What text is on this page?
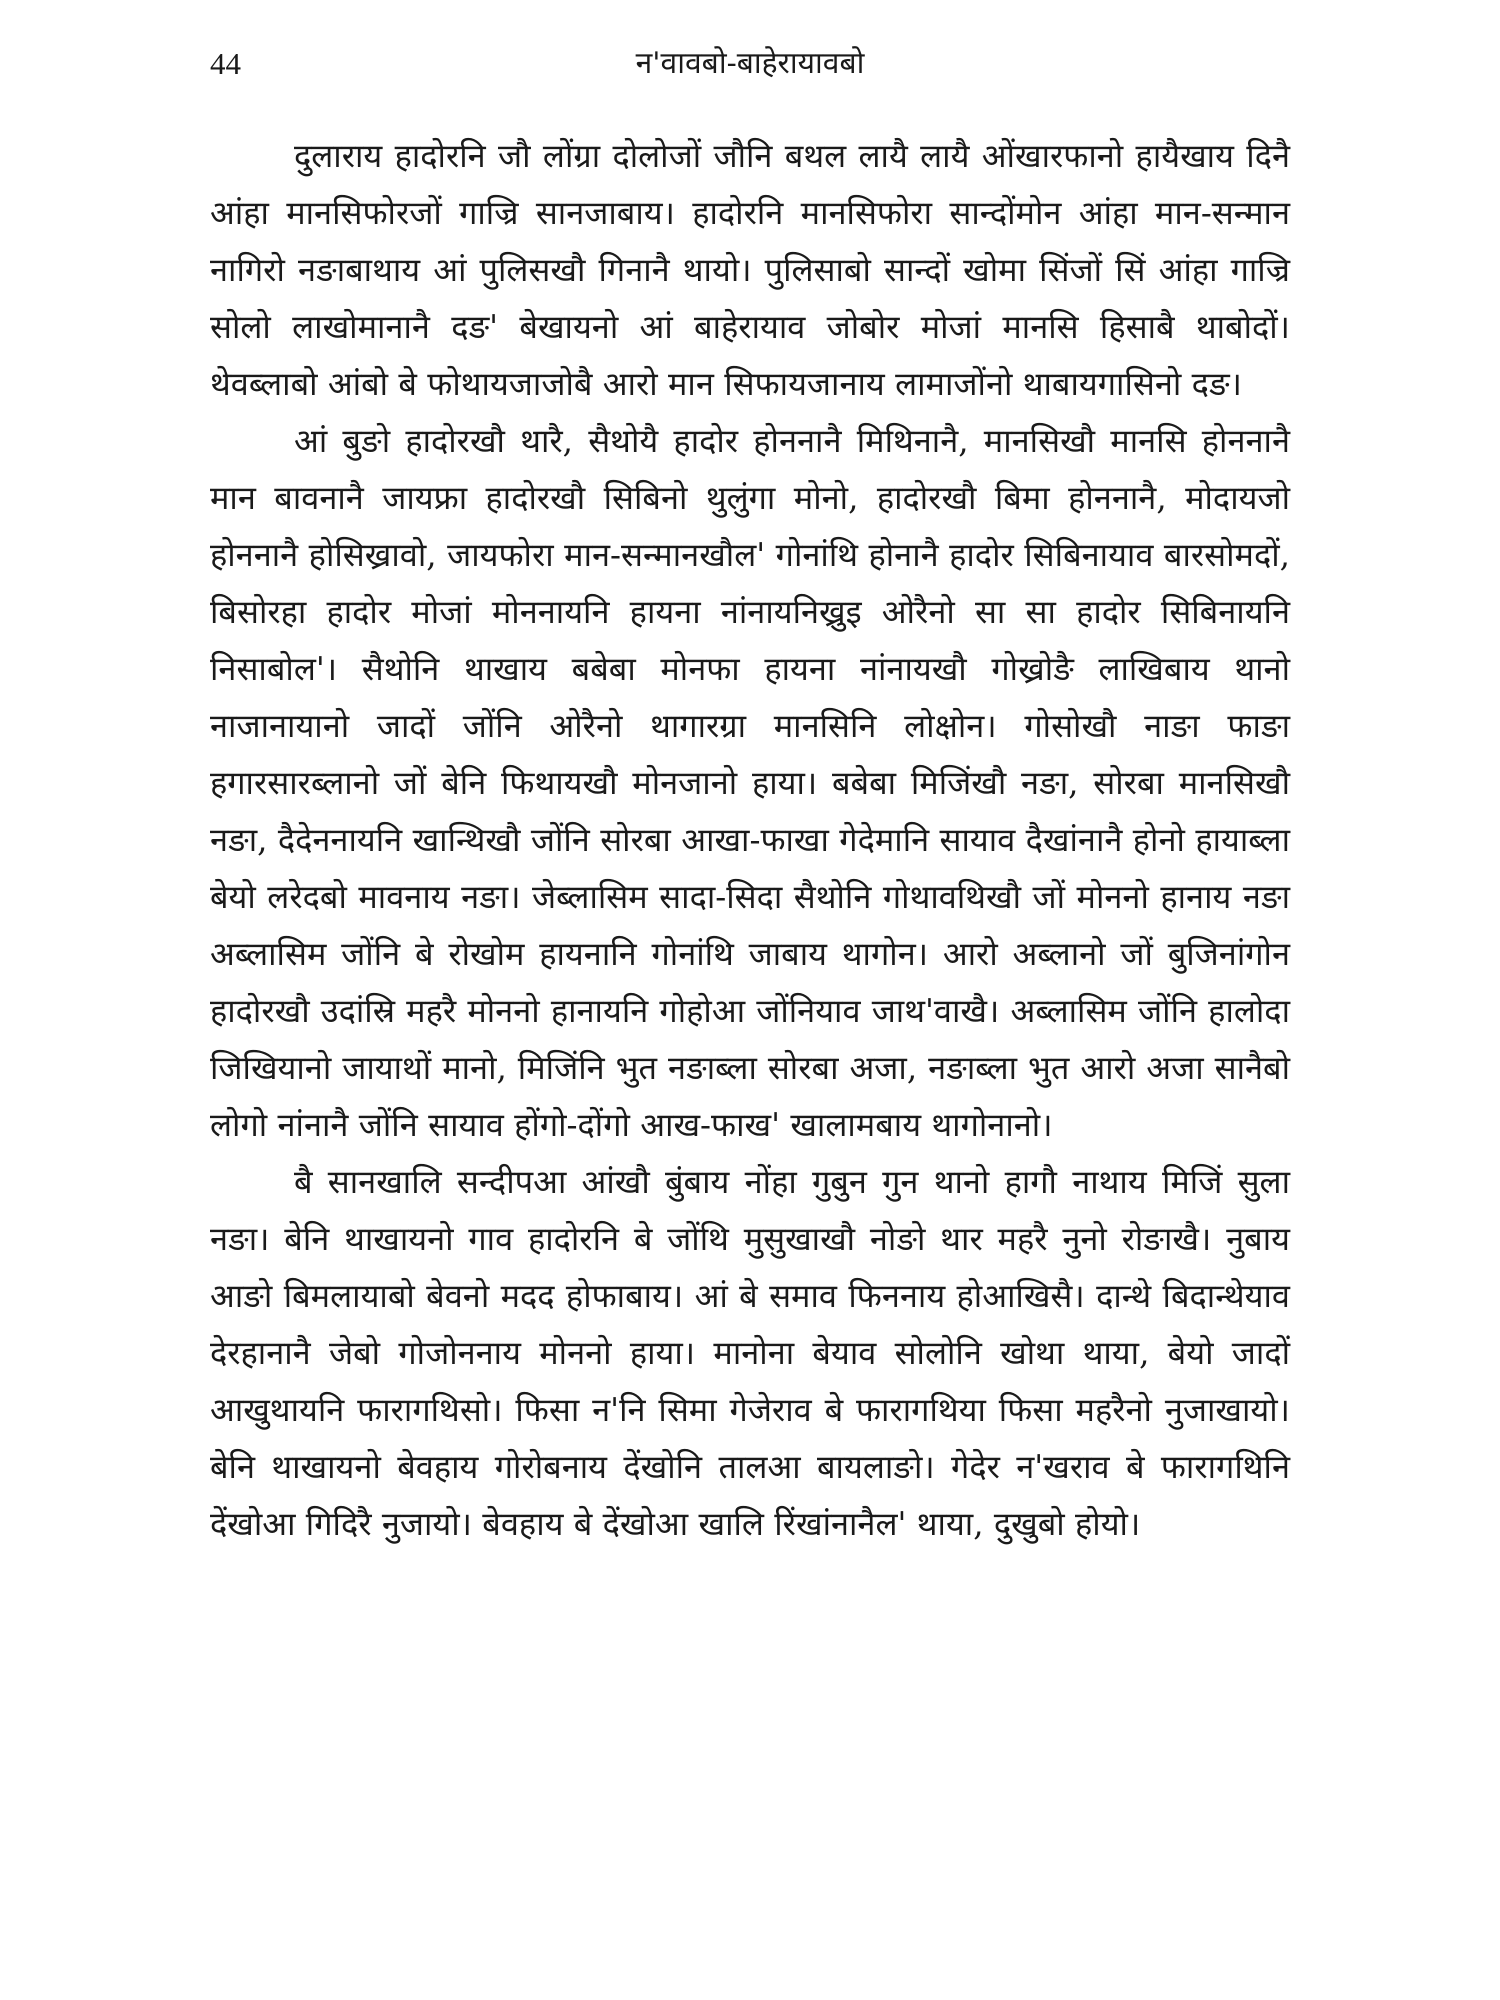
44	न'वावबो-बाहेरायावबो

दुलाराय हादोरनि जौ लोंग्रा दोलोजों जौनि बथल लायै लायै ओंखारफानो हायैखाय दिनै आंहा मानसिफोरजों गाज्रि सानजाबाय। हादोरनि मानसिफोरा सान्दोंमोन आंहा मान-सन्मान नागिरो नङाबाथाय आं पुलिसखौ गिनानै थायो। पुलिसाबो सान्दों खोमा सिंजों सिं आंहा गाज्रि सोलो लाखोमानानै दङ' बेखायनो आं बाहेरायाव जोबोर मोजां मानसि हिसाबै थाबोदों। थेवब्लाबो आंबो बे फोथायजाजोबै आरो मान सिफायजानाय लामाजोंनो थाबायगासिनो दङ।

आं बुङो हादोरखौ थारै, सैथोयै हादोर होननानै मिथिनानै, मानसिखौ मानसि होननानै मान बावनानै जायफ्रा हादोरखौ सिबिनो थुलुंगा मोनो, हादोरखौ बिमा होननानै, मोदायजो होननानै होसिख्रावो, जायफोरा मान-सन्मानखौल' गोनांथि होनानै हादोर सिबिनायाव बारसोमदों, बिसोरहा हादोर मोजां मोननायनि हायना नांनायनिख्रुइ ओरैनो सा सा हादोर सिबिनायनि निसाबोल'। सैथोनि थाखाय बबेबा मोनफा हायना नांनायखौ गोख्रोङै लाखिबाय थानो नाजानायानो जादों जोंनि ओरैनो थागारग्रा मानसिनि लोक्षोन। गोसोखौ नाङा फाङा हगारसारब्लानो जों बेनि फिथायखौ मोनजानो हाया। बबेबा मिजिंखौ नङा, सोरबा मानसिखौ नङा, दैदेननायनि खान्थिखौ जोंनि सोरबा आखा-फाखा गेदेमानि सायाव दैखांनानै होनो हायाब्ला बेयो लरेदबो मावनाय नङा। जेब्लासिम सादा-सिदा सैथोनि गोथावथिखौ जों मोननो हानाय नङा अब्लासिम जोंनि बे रोखोम हायनानि गोनांथि जाबाय थागोन। आरो अब्लानो जों बुजिनांगोन हादोरखौ उदांस्रि महरै मोननो हानायनि गोहोआ जोंनियाव जाथ'वाखै। अब्लासिम जोंनि हालोदा जिखियानो जायाथों मानो, मिजिंनि भुत नङाब्ला सोरबा अजा, नङाब्ला भुत आरो अजा सानैबो लोगो नांनानै जोंनि सायाव होंगो-दोंगो आख-फाख' खालामबाय थागोनानो।

बै सानखालि सन्दीपआ आंखौ बुंबाय नोंहा गुबुन गुन थानो हागौ नाथाय मिजिं सुला नङा। बेनि थाखायनो गाव हादोरनि बे जोंथि मुसुखाखौ नोङो थार महरै नुनो रोङाखै। नुबाय आङो बिमलायाबो बेवनो मदद होफाबाय। आं बे समाव फिननाय होआखिसै। दान्थे बिदान्थेयाव देरहानानै जेबो गोजोननाय मोननो हाया। मानोना बेयाव सोलोनि खोथा थाया, बेयो जादों आखुथायनि फारागथिसो। फिसा न'नि सिमा गेजेराव बे फारागथिया फिसा महरैनो नुजाखायो। बेनि थाखायनो बेवहाय गोरोबनाय देंखोनि तालआ बायलाङो। गेदेर न'खराव बे फारागथिनि देंखोआ गिदिरै नुजायो। बेवहाय बे देंखोआ खालि रिंखांनानैल' थाया, दुखुबो होयो।
